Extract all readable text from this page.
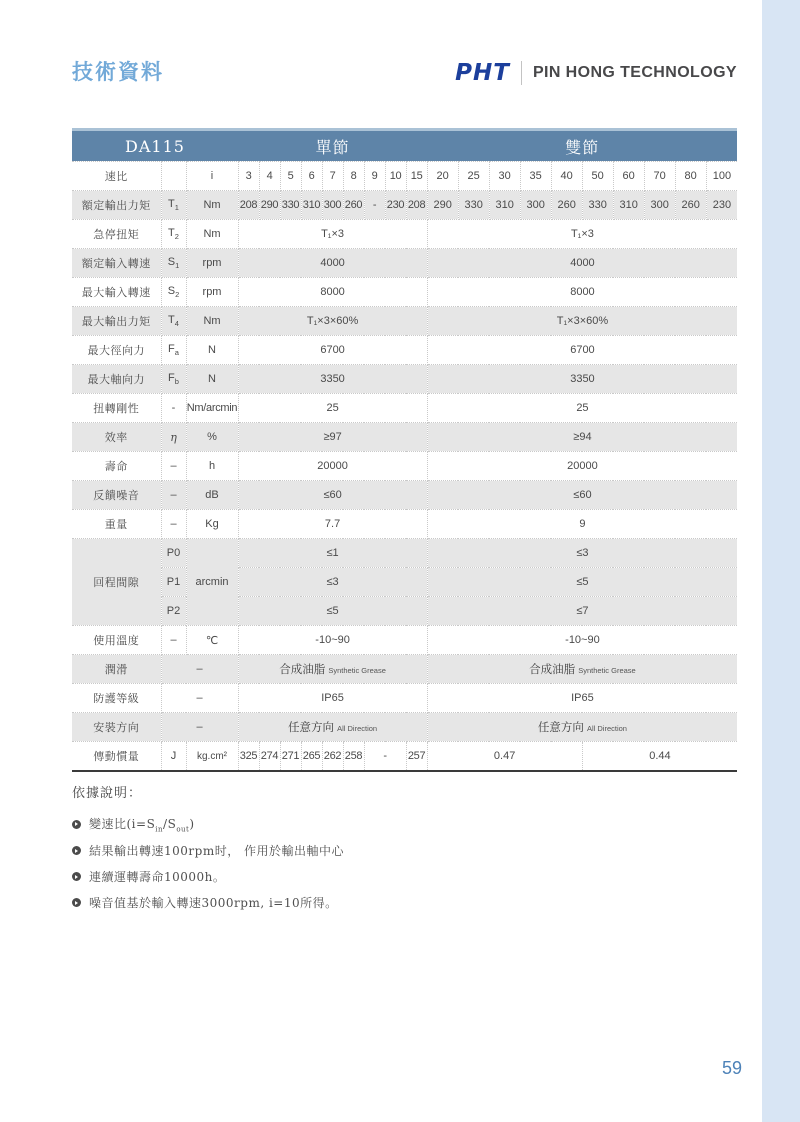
技術資料	PHT PIN HONG TECHNOLOGY
DA115			單節									雙節									
速比		i	3	4	5	6	7	8	9	10	15	20	25	30	35	40	50	60	70	80	100
額定輸出力矩	$T_1$	Nm	208	290	330	310	300	260	-	230	208	290	330	310	300	260	330	310	300	260	230
急停扭矩	$T_2$	Nm	T₁×3									T₁×3									
額定輸入轉速	$S_1$	rpm	4000									4000									
最大輸入轉速	$S_2$	rpm	8000									8000									
最大輸出力矩	$T_4$	Nm	T₁×3×60%									T₁×3×60%									
最大徑向力	$F_a$	N	6700									6700									
最大軸向力	$F_b$	N	3350									3350									
扭轉剛性	-	Nm/arcmin	25									25									
效率	η	%	≥97									≥94									
壽命	–	h	20000									20000									
反饋噪音	–	dB	≤60									≤60									
重量	–	Kg	7.7									9									
回程間隙	P0	arcmin	≤1									≤3									
	P1		≤3									≤5									
	P2		≤5									≤7									
使用溫度	–	℃	-10~90									-10~90									
潤滑	–		合成油脂 Synthetic Grease									合成油脂 Synthetic Grease									
防護等級	–		IP65									IP65									
安裝方向	–		任意方向 All Direction									任意方向 All Direction									
傳動慣量	J	kg.cm²	325	274	271	265	262	258	-		257	0.47					0.44				
依據說明：
變速比$(i=S_{in}/S_{out})$
結果輸出轉速100rpm时， 作用於輸出軸中心
連續運轉壽命10000h。
噪音值基於輸入轉速3000rpm, i=10所得。
59
